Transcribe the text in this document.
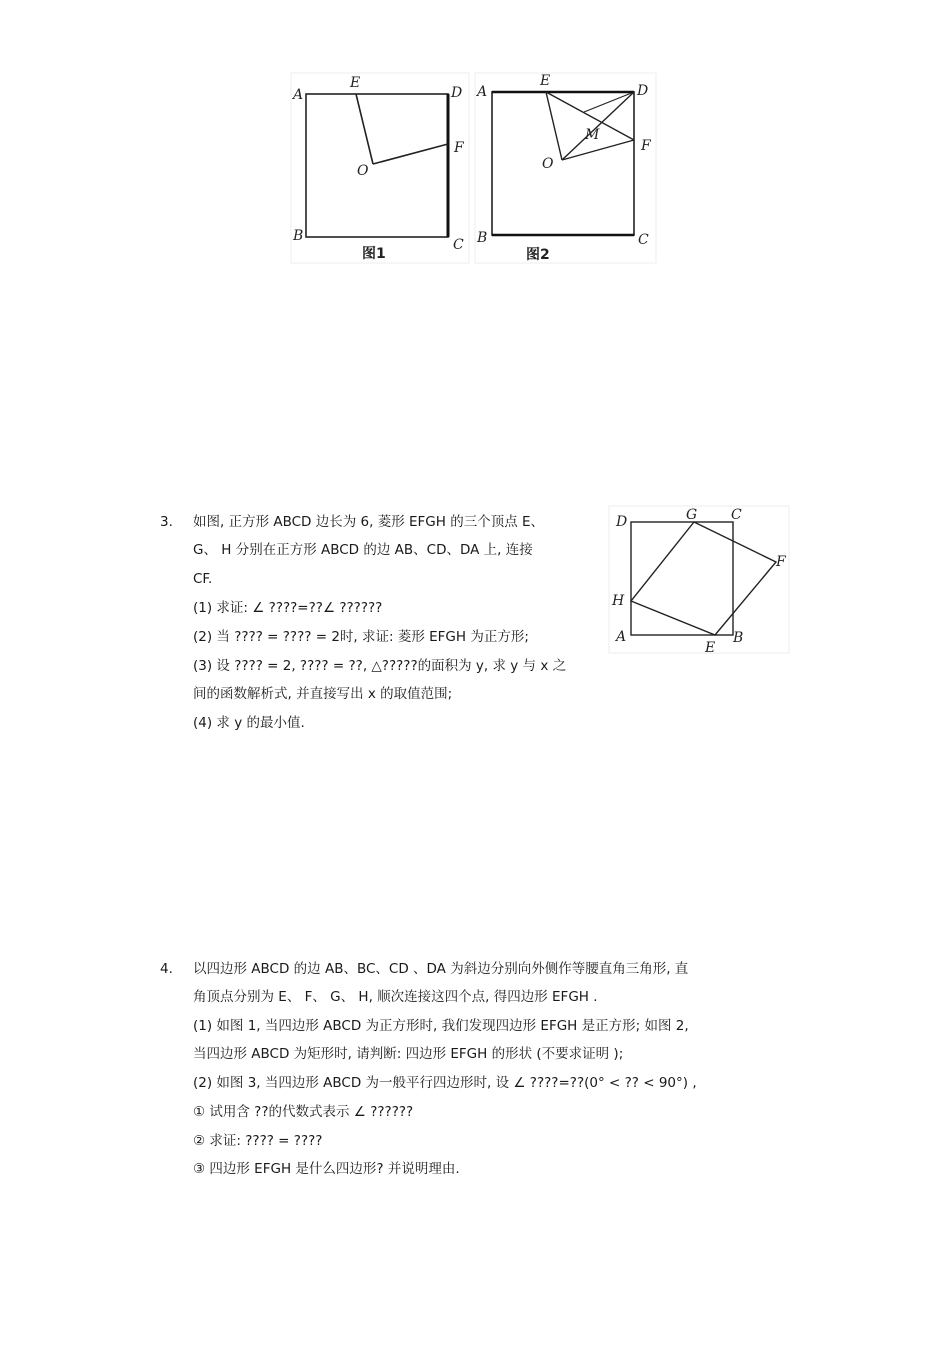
A
E
D
F
O
B
C
图1
A
E
D
M
F
O
B	C
图2
3. 如图, 正方形 ABCD 边长为 6, 菱形 EFGH 的三个顶点 E、
G、 H 分别在正方形 ABCD 的边 AB、CD、DA 上, 连接
CF.
(1) 求证: ∠ ????=??∠ ??????
(2) 当 ???? = ???? = 2时, 求证: 菱形 EFGH 为正方形;
(3) 设 ???? = 2, ???? = ??, △?????的面积为 y, 求 y 与 x 之
间的函数解析式, 并直接写出 x 的取值范围;
(4) 求 y 的最小值.
D	G C
F
H
A	B
E
4. 以四边形 ABCD 的边 AB、BC、CD 、DA 为斜边分别向外侧作等腰直角三角形, 直
角顶点分别为 E、 F、 G、 H, 顺次连接这四个点, 得四边形 EFGH .
(1) 如图 1, 当四边形 ABCD 为正方形时, 我们发现四边形 EFGH 是正方形; 如图 2,
当四边形 ABCD 为矩形时, 请判断: 四边形 EFGH 的形状 (不要求证明 );
(2) 如图 3, 当四边形 ABCD 为一般平行四边形时, 设 ∠ ????=??(0° < ?? < 90°) ,
① 试用含 ??的代数式表示 ∠ ??????
② 求证: ???? = ????
③ 四边形 EFGH 是什么四边形? 并说明理由.
